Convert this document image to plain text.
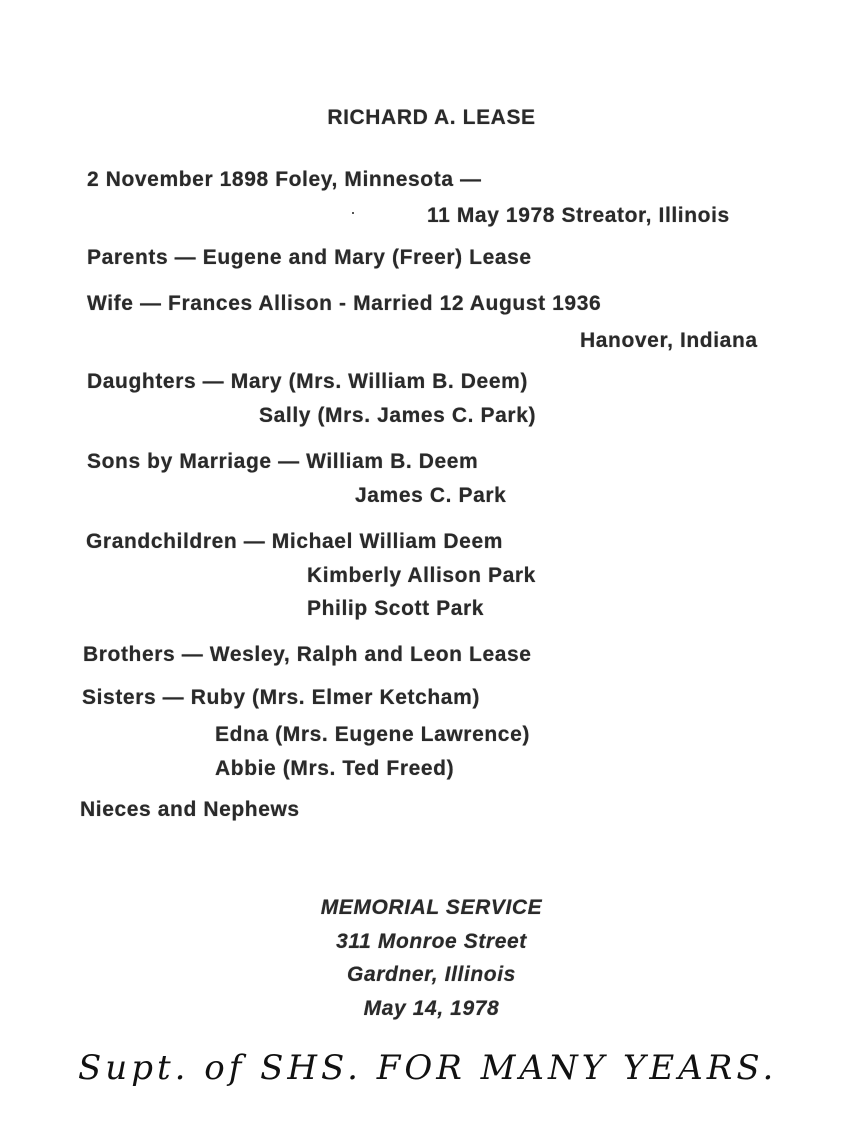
RICHARD A. LEASE
2 November 1898 Foley, Minnesota —
11 May 1978 Streator, Illinois
Parents — Eugene and Mary (Freer) Lease
Wife — Frances Allison - Married 12 August 1936
Hanover, Indiana
Daughters — Mary (Mrs. William B. Deem)
Sally (Mrs. James C. Park)
Sons by Marriage — William B. Deem
James C. Park
Grandchildren — Michael William Deem
Kimberly Allison Park
Philip Scott Park
Brothers — Wesley, Ralph and Leon Lease
Sisters — Ruby (Mrs. Elmer Ketcham)
Edna (Mrs. Eugene Lawrence)
Abbie (Mrs. Ted Freed)
Nieces and Nephews
MEMORIAL SERVICE
311 Monroe Street
Gardner, Illinois
May 14, 1978
Supt. of SHS. FOR MANY YEARS.
